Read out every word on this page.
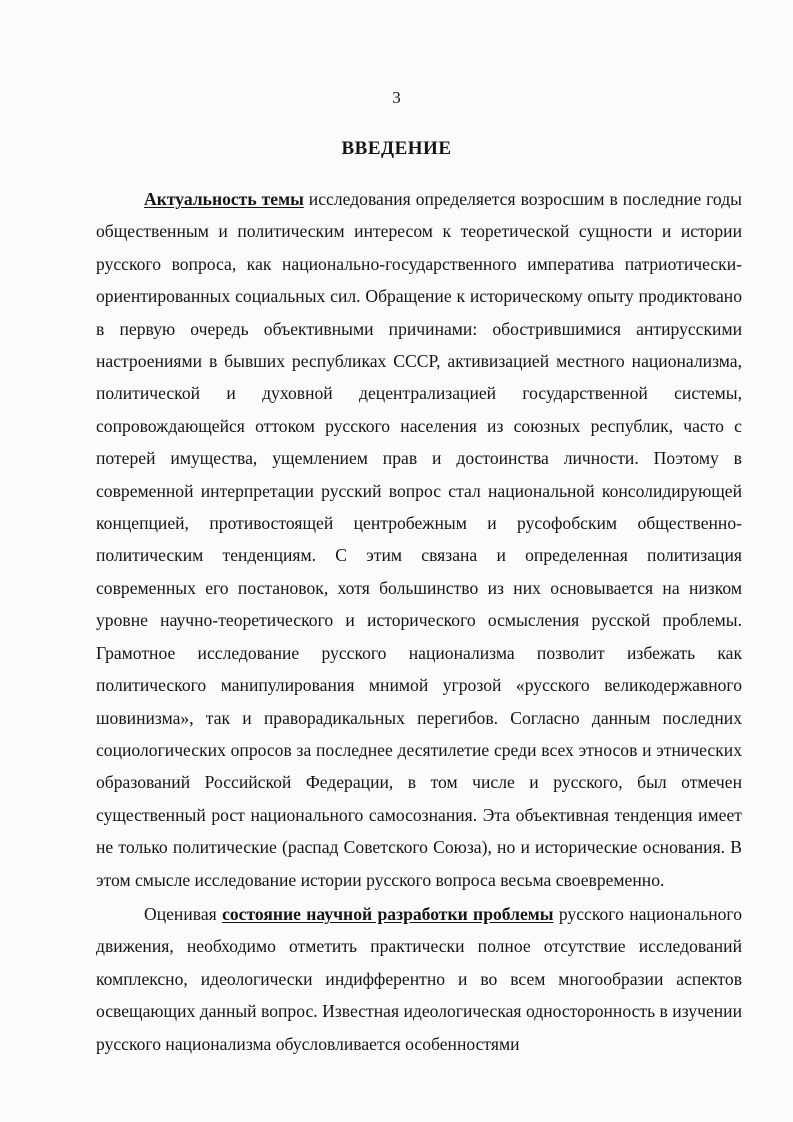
3
ВВЕДЕНИЕ

Актуальность темы исследования определяется возросшим в последние годы общественным и политическим интересом к теоретической сущности и истории русского вопроса, как национально-государственного императива патриотически-ориентированных социальных сил. Обращение к историческому опыту продиктовано в первую очередь объективными причинами: обострившимися антирусскими настроениями в бывших республиках СССР, активизацией местного национализма, политической и духовной децентрализацией государственной системы, сопровождающейся оттоком русского населения из союзных республик, часто с потерей имущества, ущемлением прав и достоинства личности. Поэтому в современной интерпретации русский вопрос стал национальной консолидирующей концепцией, противостоящей центробежным и русофобским общественно-политическим тенденциям. С этим связана и определенная политизация современных его постановок, хотя большинство из них основывается на низком уровне научно-теоретического и исторического осмысления русской проблемы. Грамотное исследование русского национализма позволит избежать как политического манипулирования мнимой угрозой «русского великодержавного шовинизма», так и праворадикальных перегибов. Согласно данным последних социологических опросов за последнее десятилетие среди всех этносов и этнических образований Российской Федерации, в том числе и русского, был отмечен существенный рост национального самосознания. Эта объективная тенденция имеет не только политические (распад Советского Союза), но и исторические основания. В этом смысле исследование истории русского вопроса весьма своевременно.

Оценивая состояние научной разработки проблемы русского национального движения, необходимо отметить практически полное отсутствие исследований комплексно, идеологически индифферентно и во всем многообразии аспектов освещающих данный вопрос. Известная идеологическая односторонность в изучении русского национализма обусловливается особенностями
